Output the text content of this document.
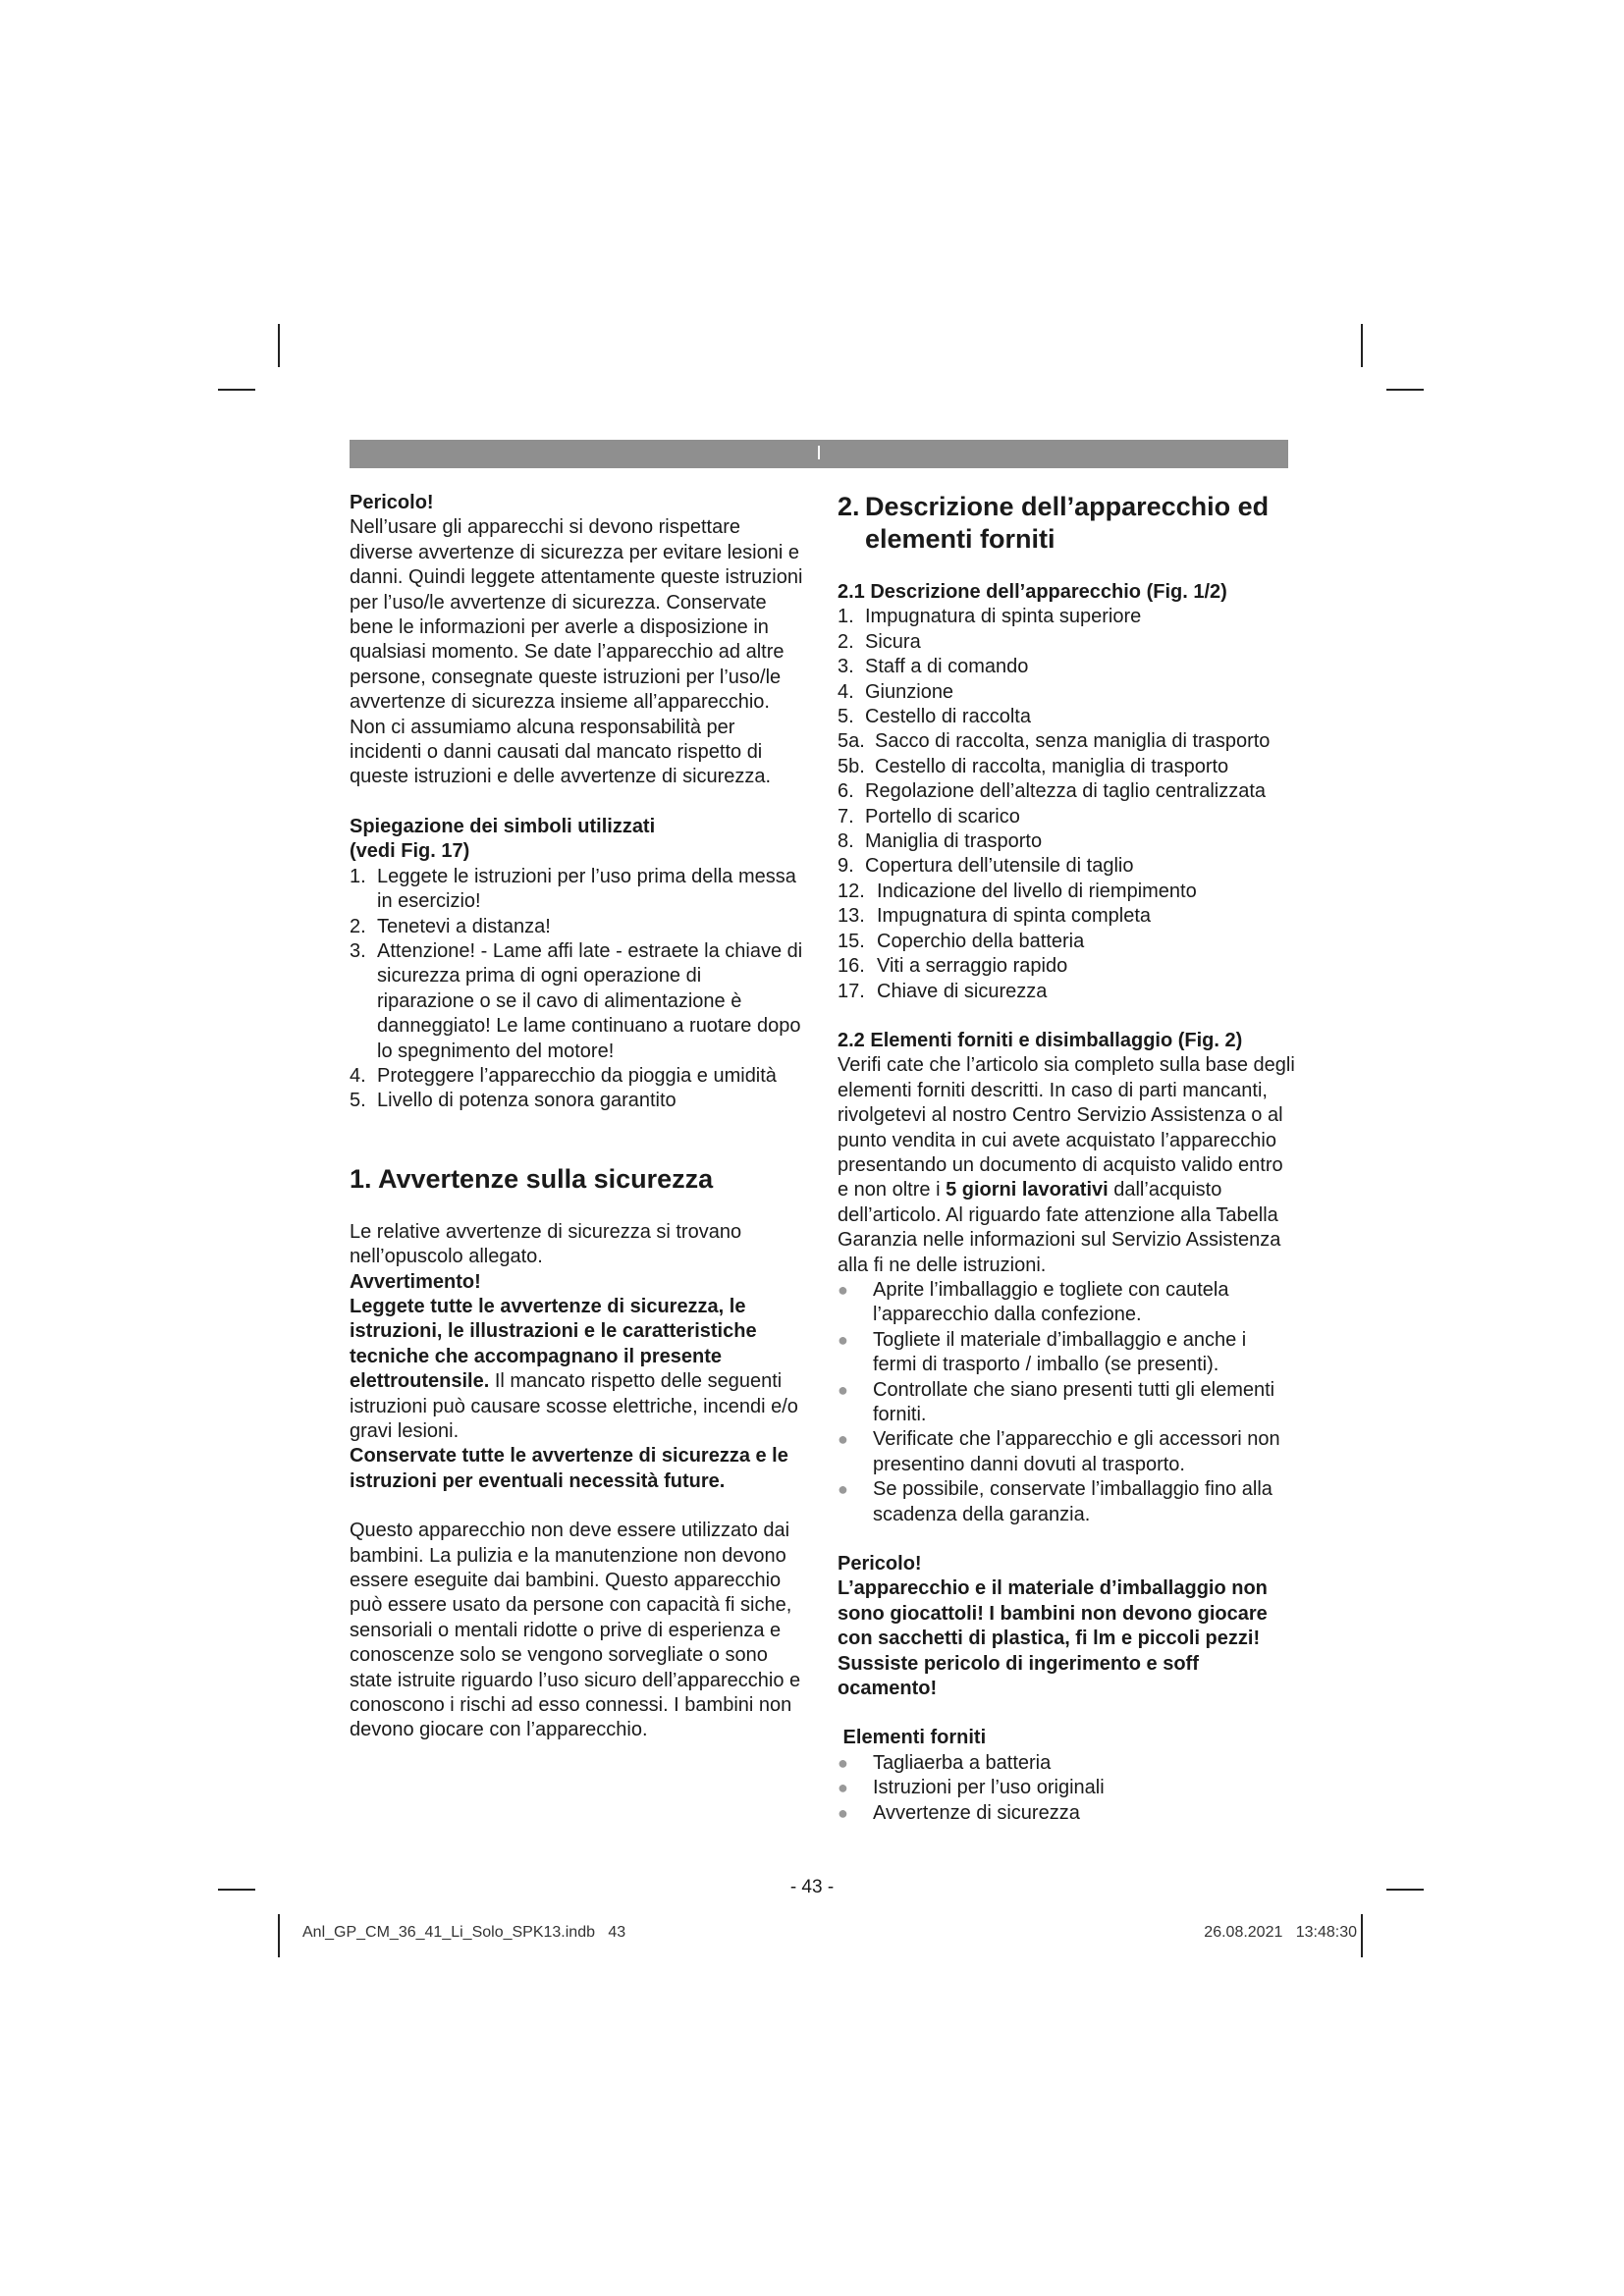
I

Pericolo!

Nell’usare gli apparecchi si devono rispettare diverse avvertenze di sicurezza per evitare lesioni e danni. Quindi leggete attentamente queste istruzioni per l’uso/le avvertenze di sicurezza. Conservate bene le informazioni per averle a disposizione in qualsiasi momento. Se date l’apparecchio ad altre persone, consegnate queste istruzioni per l’uso/le avvertenze di sicurezza insieme all’apparecchio. Non ci assumiamo alcuna responsabilità per incidenti o danni causati dal mancato rispetto di queste istruzioni e delle avvertenze di sicurezza.

Spiegazione dei simboli utilizzati
(vedi Fig. 17)
1. Leggete le istruzioni per l’uso prima della messa in esercizio!
2. Tenetevi a distanza!
3. Attenzione! - Lame affi late - estraete la chiave di sicurezza prima di ogni operazione di riparazione o se il cavo di alimentazione è danneggiato! Le lame continuano a ruotare dopo lo spegnimento del motore!
4. Proteggere l’apparecchio da pioggia e umidità
5. Livello di potenza sonora garantito
1. Avvertenze sulla sicurezza

Le relative avvertenze di sicurezza si trovano nell’opuscolo allegato.

Avvertimento!

Leggete tutte le avvertenze di sicurezza, le istruzioni, le illustrazioni e le caratteristiche tecniche che accompagnano il presente elettroutensile. Il mancato rispetto delle seguenti istruzioni può causare scosse elettriche, incendi e/o gravi lesioni.

Conservate tutte le avvertenze di sicurezza e le istruzioni per eventuali necessità future.

Questo apparecchio non deve essere utilizzato dai bambini. La pulizia e la manutenzione non devono essere eseguite dai bambini. Questo apparecchio può essere usato da persone con capacità fi siche, sensoriali o mentali ridotte o prive di esperienza e conoscenze solo se vengono sorvegliate o sono state istruite riguardo l’uso sicuro dell’apparecchio e conoscono i rischi ad esso connessi. I bambini non devono giocare con l’apparecchio.

2. Descrizione dell’apparecchio ed elementi forniti
2.1 Descrizione dell’apparecchio (Fig. 1/2)
1. Impugnatura di spinta superiore
2. Sicura
3. Staff a di comando
4. Giunzione
5. Cestello di raccolta
5a. Sacco di raccolta, senza maniglia di trasporto
5b. Cestello di raccolta, maniglia di trasporto
6. Regolazione dell’altezza di taglio centralizzata
7. Portello di scarico
8. Maniglia di trasporto
9. Copertura dell’utensile di taglio
12. Indicazione del livello di riempimento
13. Impugnatura di spinta completa
15. Coperchio della batteria
16. Viti a serraggio rapido
17. Chiave di sicurezza
2.2 Elementi forniti e disimballaggio (Fig. 2)

Verifi cate che l’articolo sia completo sulla base degli elementi forniti descritti. In caso di parti mancanti, rivolgetevi al nostro Centro Servizio Assistenza o al punto vendita in cui avete acquistato l’apparecchio presentando un documento di acquisto valido entro e non oltre i 5 giorni lavorativi dall’acquisto dell’articolo. Al riguardo fate attenzione alla Tabella Garanzia nelle informazioni sul Servizio Assistenza alla fi ne delle istruzioni.

●	Aprite l’imballaggio e togliete con cautela l’apparecchio dalla confezione.
●	Togliete il materiale d’imballaggio e anche i fermi di trasporto / imballo (se presenti).
●	Controllate che siano presenti tutti gli elementi forniti.
●	Verificate che l’apparecchio e gli accessori non presentino danni dovuti al trasporto.
●	Se possibile, conservate l’imballaggio fino alla scadenza della garanzia.

Pericolo!

L’apparecchio e il materiale d’imballaggio non sono giocattoli! I bambini non devono giocare con sacchetti di plastica, fi lm e piccoli pezzi! Sussiste pericolo di ingerimento e soff ocamento!

Elementi forniti

●	Tagliaerba a batteria
●	Istruzioni per l’uso originali
●	Avvertenze di sicurezza
- 43 -
Anl_GP_CM_36_41_Li_Solo_SPK13.indb   43	26.08.2021   13:48:30
